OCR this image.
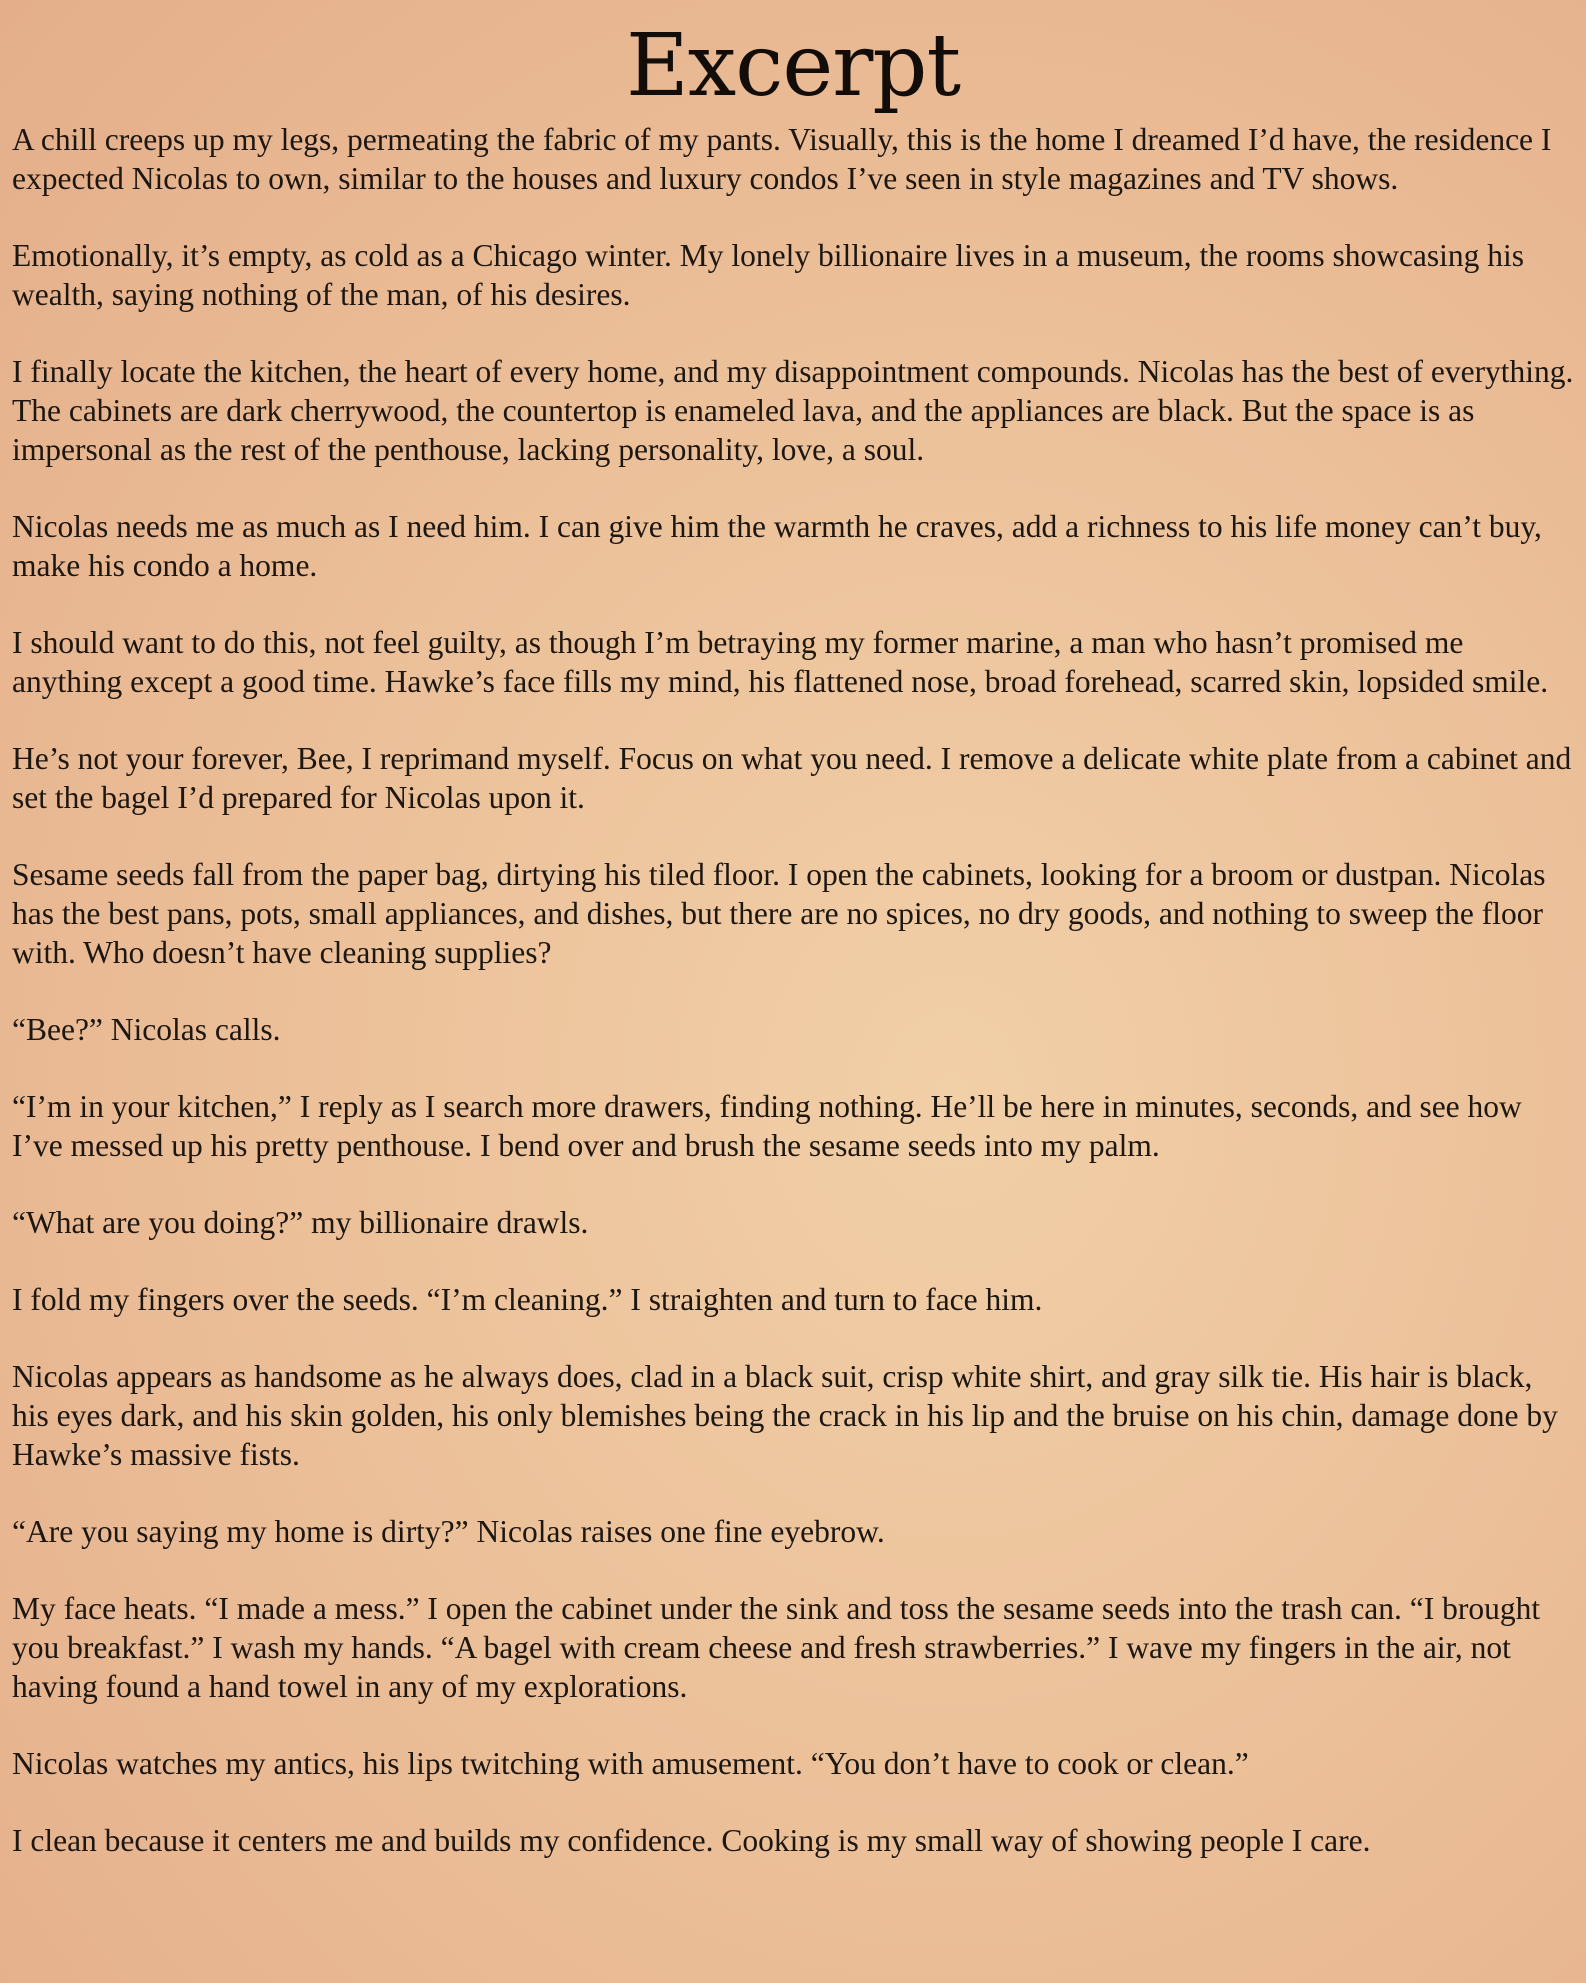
Excerpt

A chill creeps up my legs, permeating the fabric of my pants. Visually, this is the home I dreamed I’d have, the residence I expected Nicolas to own, similar to the houses and luxury condos I’ve seen in style magazines and TV shows.

Emotionally, it’s empty, as cold as a Chicago winter. My lonely billionaire lives in a museum, the rooms showcasing his wealth, saying nothing of the man, of his desires.

I finally locate the kitchen, the heart of every home, and my disappointment compounds. Nicolas has the best of everything. The cabinets are dark cherrywood, the countertop is enameled lava, and the appliances are black. But the space is as impersonal as the rest of the penthouse, lacking personality, love, a soul.

Nicolas needs me as much as I need him. I can give him the warmth he craves, add a richness to his life money can’t buy, make his condo a home.

I should want to do this, not feel guilty, as though I’m betraying my former marine, a man who hasn’t promised me anything except a good time. Hawke’s face fills my mind, his flattened nose, broad forehead, scarred skin, lopsided smile.

He’s not your forever, Bee, I reprimand myself. Focus on what you need. I remove a delicate white plate from a cabinet and set the bagel I’d prepared for Nicolas upon it.

Sesame seeds fall from the paper bag, dirtying his tiled floor. I open the cabinets, looking for a broom or dustpan. Nicolas has the best pans, pots, small appliances, and dishes, but there are no spices, no dry goods, and nothing to sweep the floor with. Who doesn’t have cleaning supplies?

“Bee?” Nicolas calls.

“I’m in your kitchen,” I reply as I search more drawers, finding nothing. He’ll be here in minutes, seconds, and see how I’ve messed up his pretty penthouse. I bend over and brush the sesame seeds into my palm.

“What are you doing?” my billionaire drawls.

I fold my fingers over the seeds. “I’m cleaning.” I straighten and turn to face him.

Nicolas appears as handsome as he always does, clad in a black suit, crisp white shirt, and gray silk tie. His hair is black, his eyes dark, and his skin golden, his only blemishes being the crack in his lip and the bruise on his chin, damage done by Hawke’s massive fists.

“Are you saying my home is dirty?” Nicolas raises one fine eyebrow.

My face heats. “I made a mess.” I open the cabinet under the sink and toss the sesame seeds into the trash can. “I brought you breakfast.” I wash my hands. “A bagel with cream cheese and fresh strawberries.” I wave my fingers in the air, not having found a hand towel in any of my explorations.

Nicolas watches my antics, his lips twitching with amusement. “You don’t have to cook or clean.”

I clean because it centers me and builds my confidence. Cooking is my small way of showing people I care.
